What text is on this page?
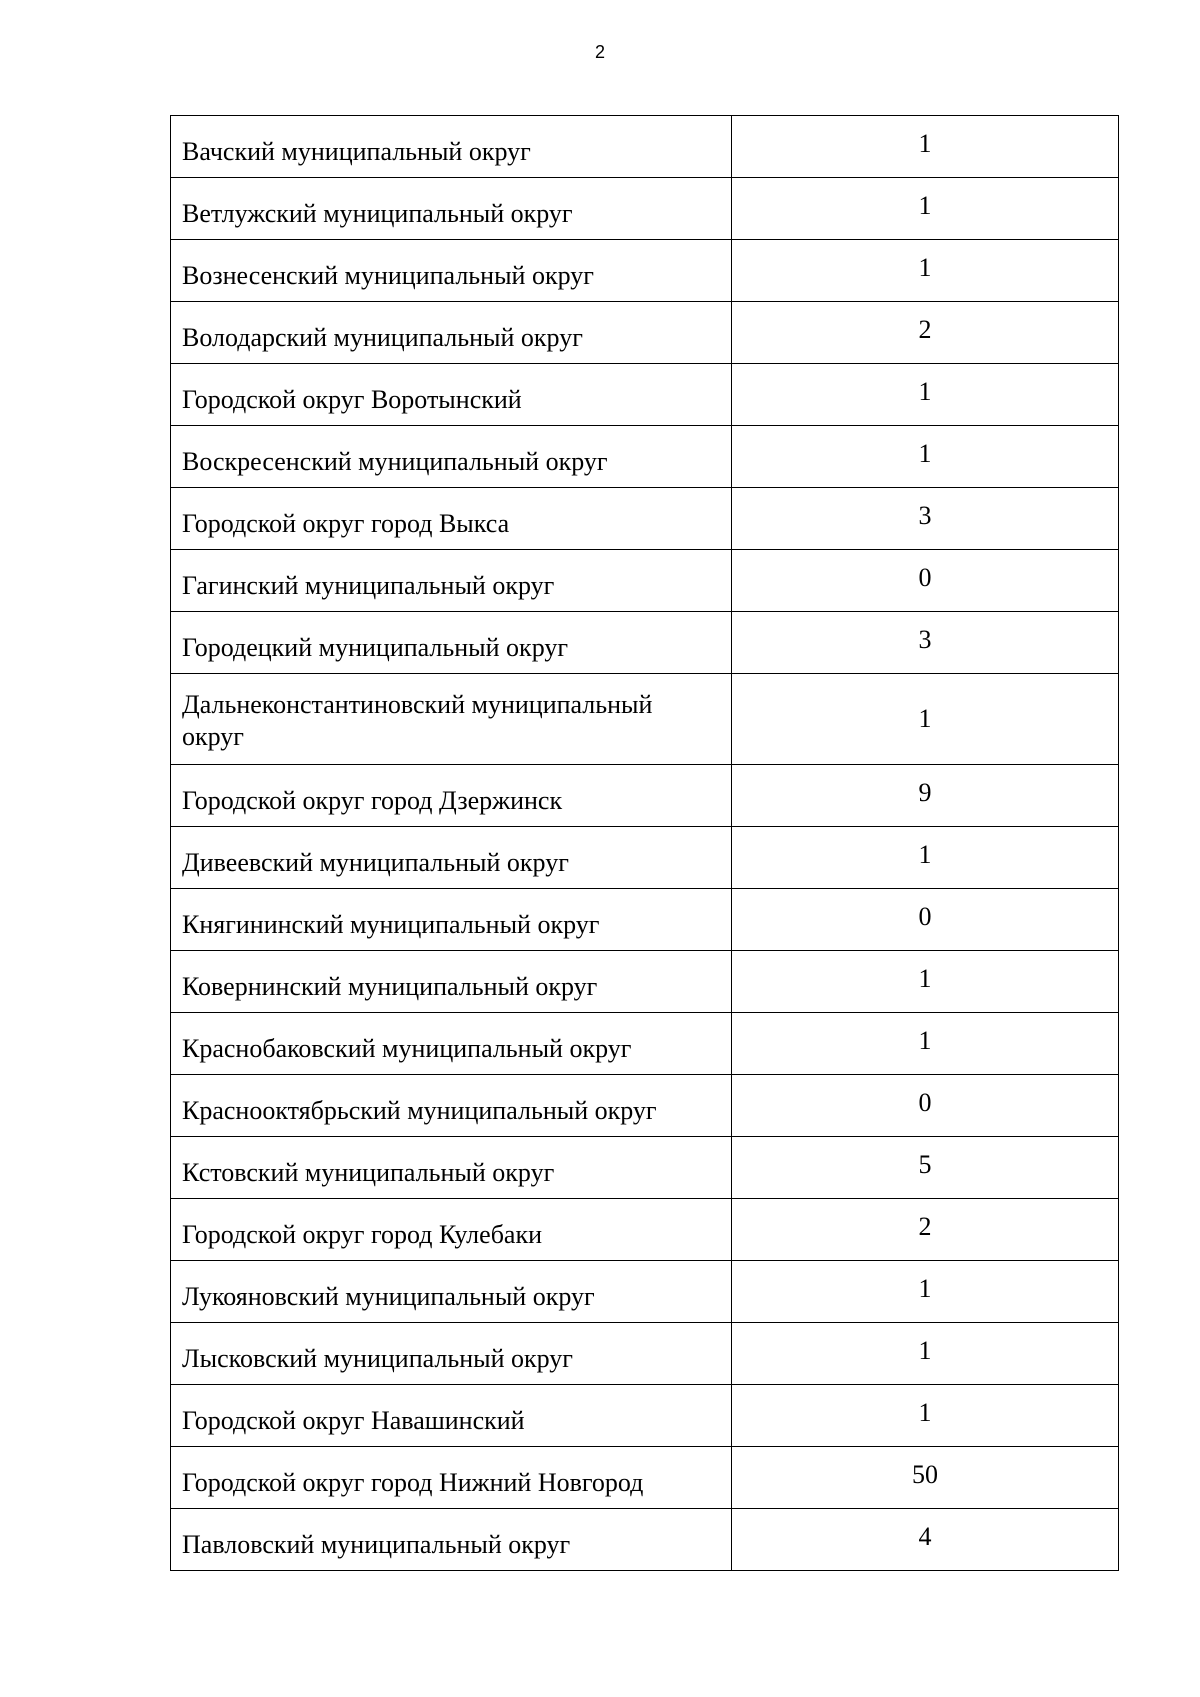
2
Вачский муниципальный округ	1
Ветлужский муниципальный округ	1
Вознесенский муниципальный округ	1
Володарский муниципальный округ	2
Городской округ Воротынский	1
Воскресенский муниципальный округ	1
Городской округ город Выкса	3
Гагинский муниципальный округ	0
Городецкий муниципальный округ	3
Дальнеконстантиновский муниципальный округ	1
Городской округ город Дзержинск	9
Дивеевский муниципальный округ	1
Княгининский муниципальный округ	0
Ковернинский муниципальный округ	1
Краснобаковский муниципальный округ	1
Краснооктябрьский муниципальный округ	0
Кстовский муниципальный округ	5
Городской округ город Кулебаки	2
Лукояновский муниципальный округ	1
Лысковский муниципальный округ	1
Городской округ Навашинский	1
Городской округ город Нижний Новгород	50
Павловский муниципальный округ	4
